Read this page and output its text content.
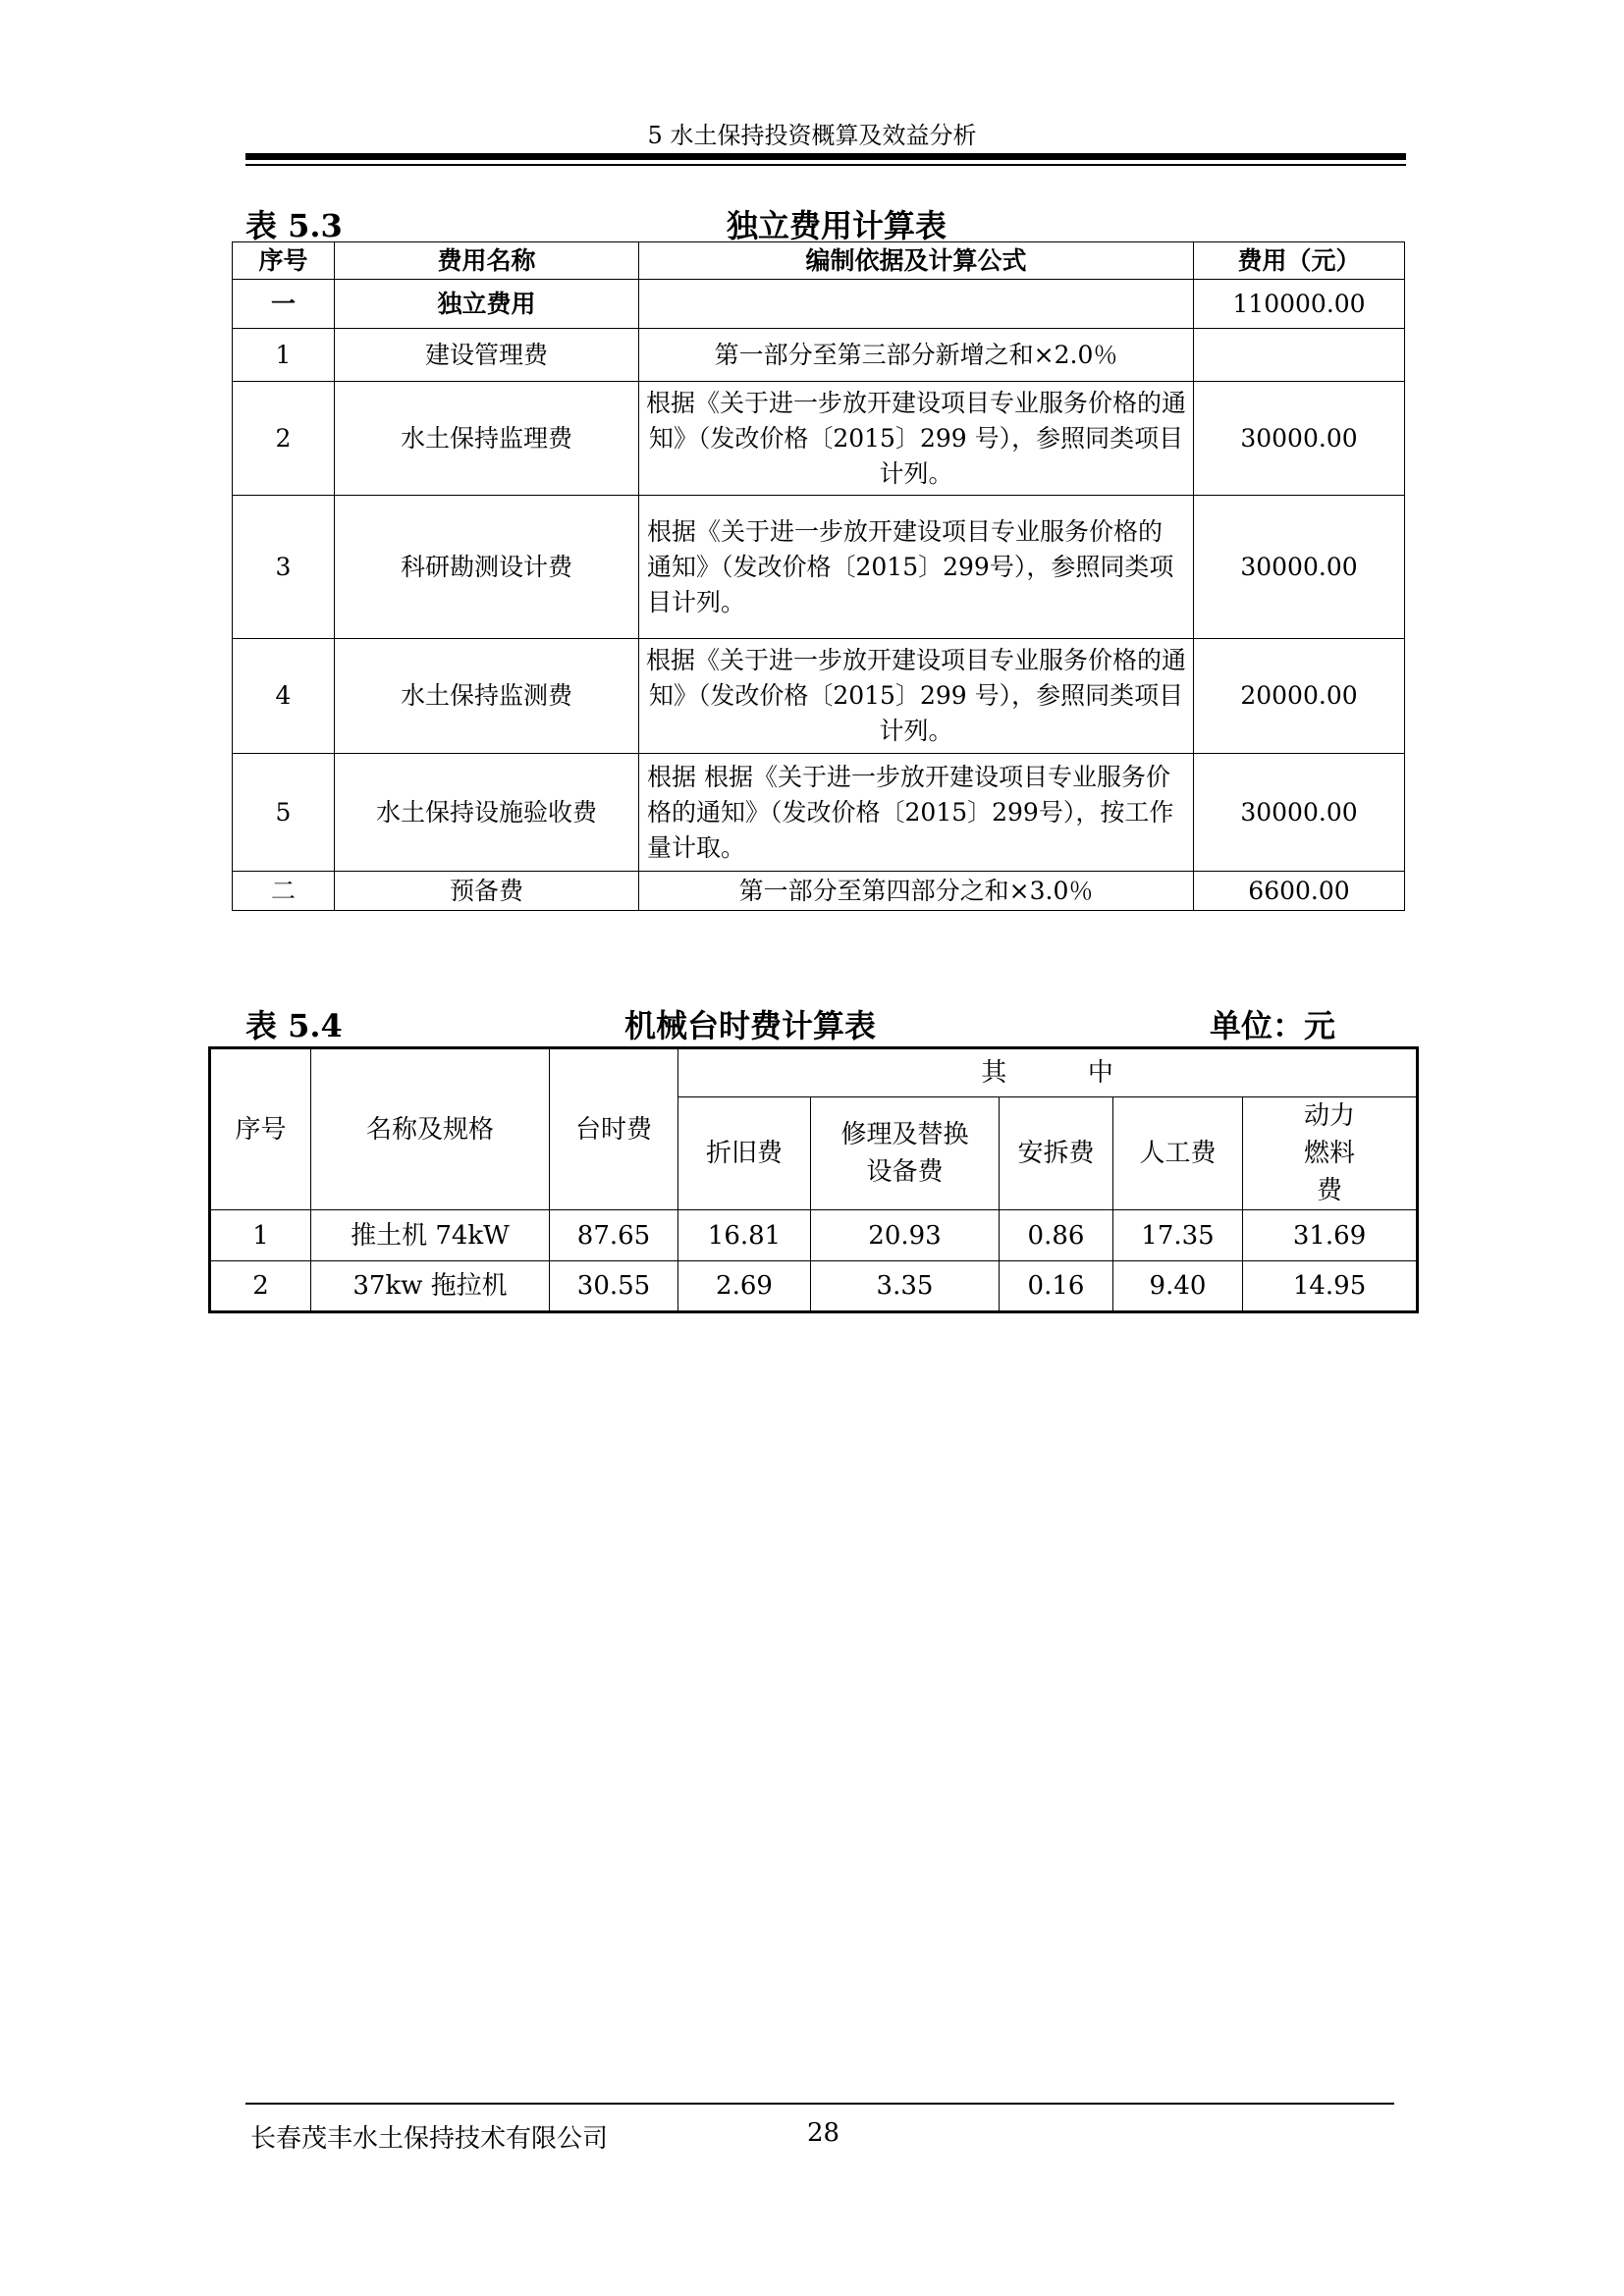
5 水土保持投资概算及效益分析
表 5.3	独立费用计算表
序号	费用名称	编制依据及计算公式	费用（元）
一	独立费用		110000.00
1	建设管理费	第一部分至第三部分新增之和×2.0％	
2	水土保持监理费	根据《关于进一步放开建设项目专业服务价格的通知》（发改价格〔2015〕299 号），参照同类项目计列。	30000.00
3	科研勘测设计费	根据《关于进一步放开建设项目专业服务价格的通知》（发改价格〔2015〕299号），参照同类项目计列。	30000.00
4	水土保持监测费	根据《关于进一步放开建设项目专业服务价格的通知》（发改价格〔2015〕299 号），参照同类项目计列。	20000.00
5	水土保持设施验收费	根据 根据《关于进一步放开建设项目专业服务价格的通知》（发改价格〔2015〕299号），按工作量计取。	30000.00
二	预备费	第一部分至第四部分之和×3.0％	6600.00
表 5.4	机械台时费计算表	单位：元
序号	名称及规格	台时费	其          中				
			折旧费	修理及替换设备费	安拆费	人工费	动力燃料费
1	推土机 74kW	87.65	16.81	20.93	0.86	17.35	31.69
2	37kw 拖拉机	30.55	2.69	3.35	0.16	9.40	14.95
长春茂丰水土保持技术有限公司	28
